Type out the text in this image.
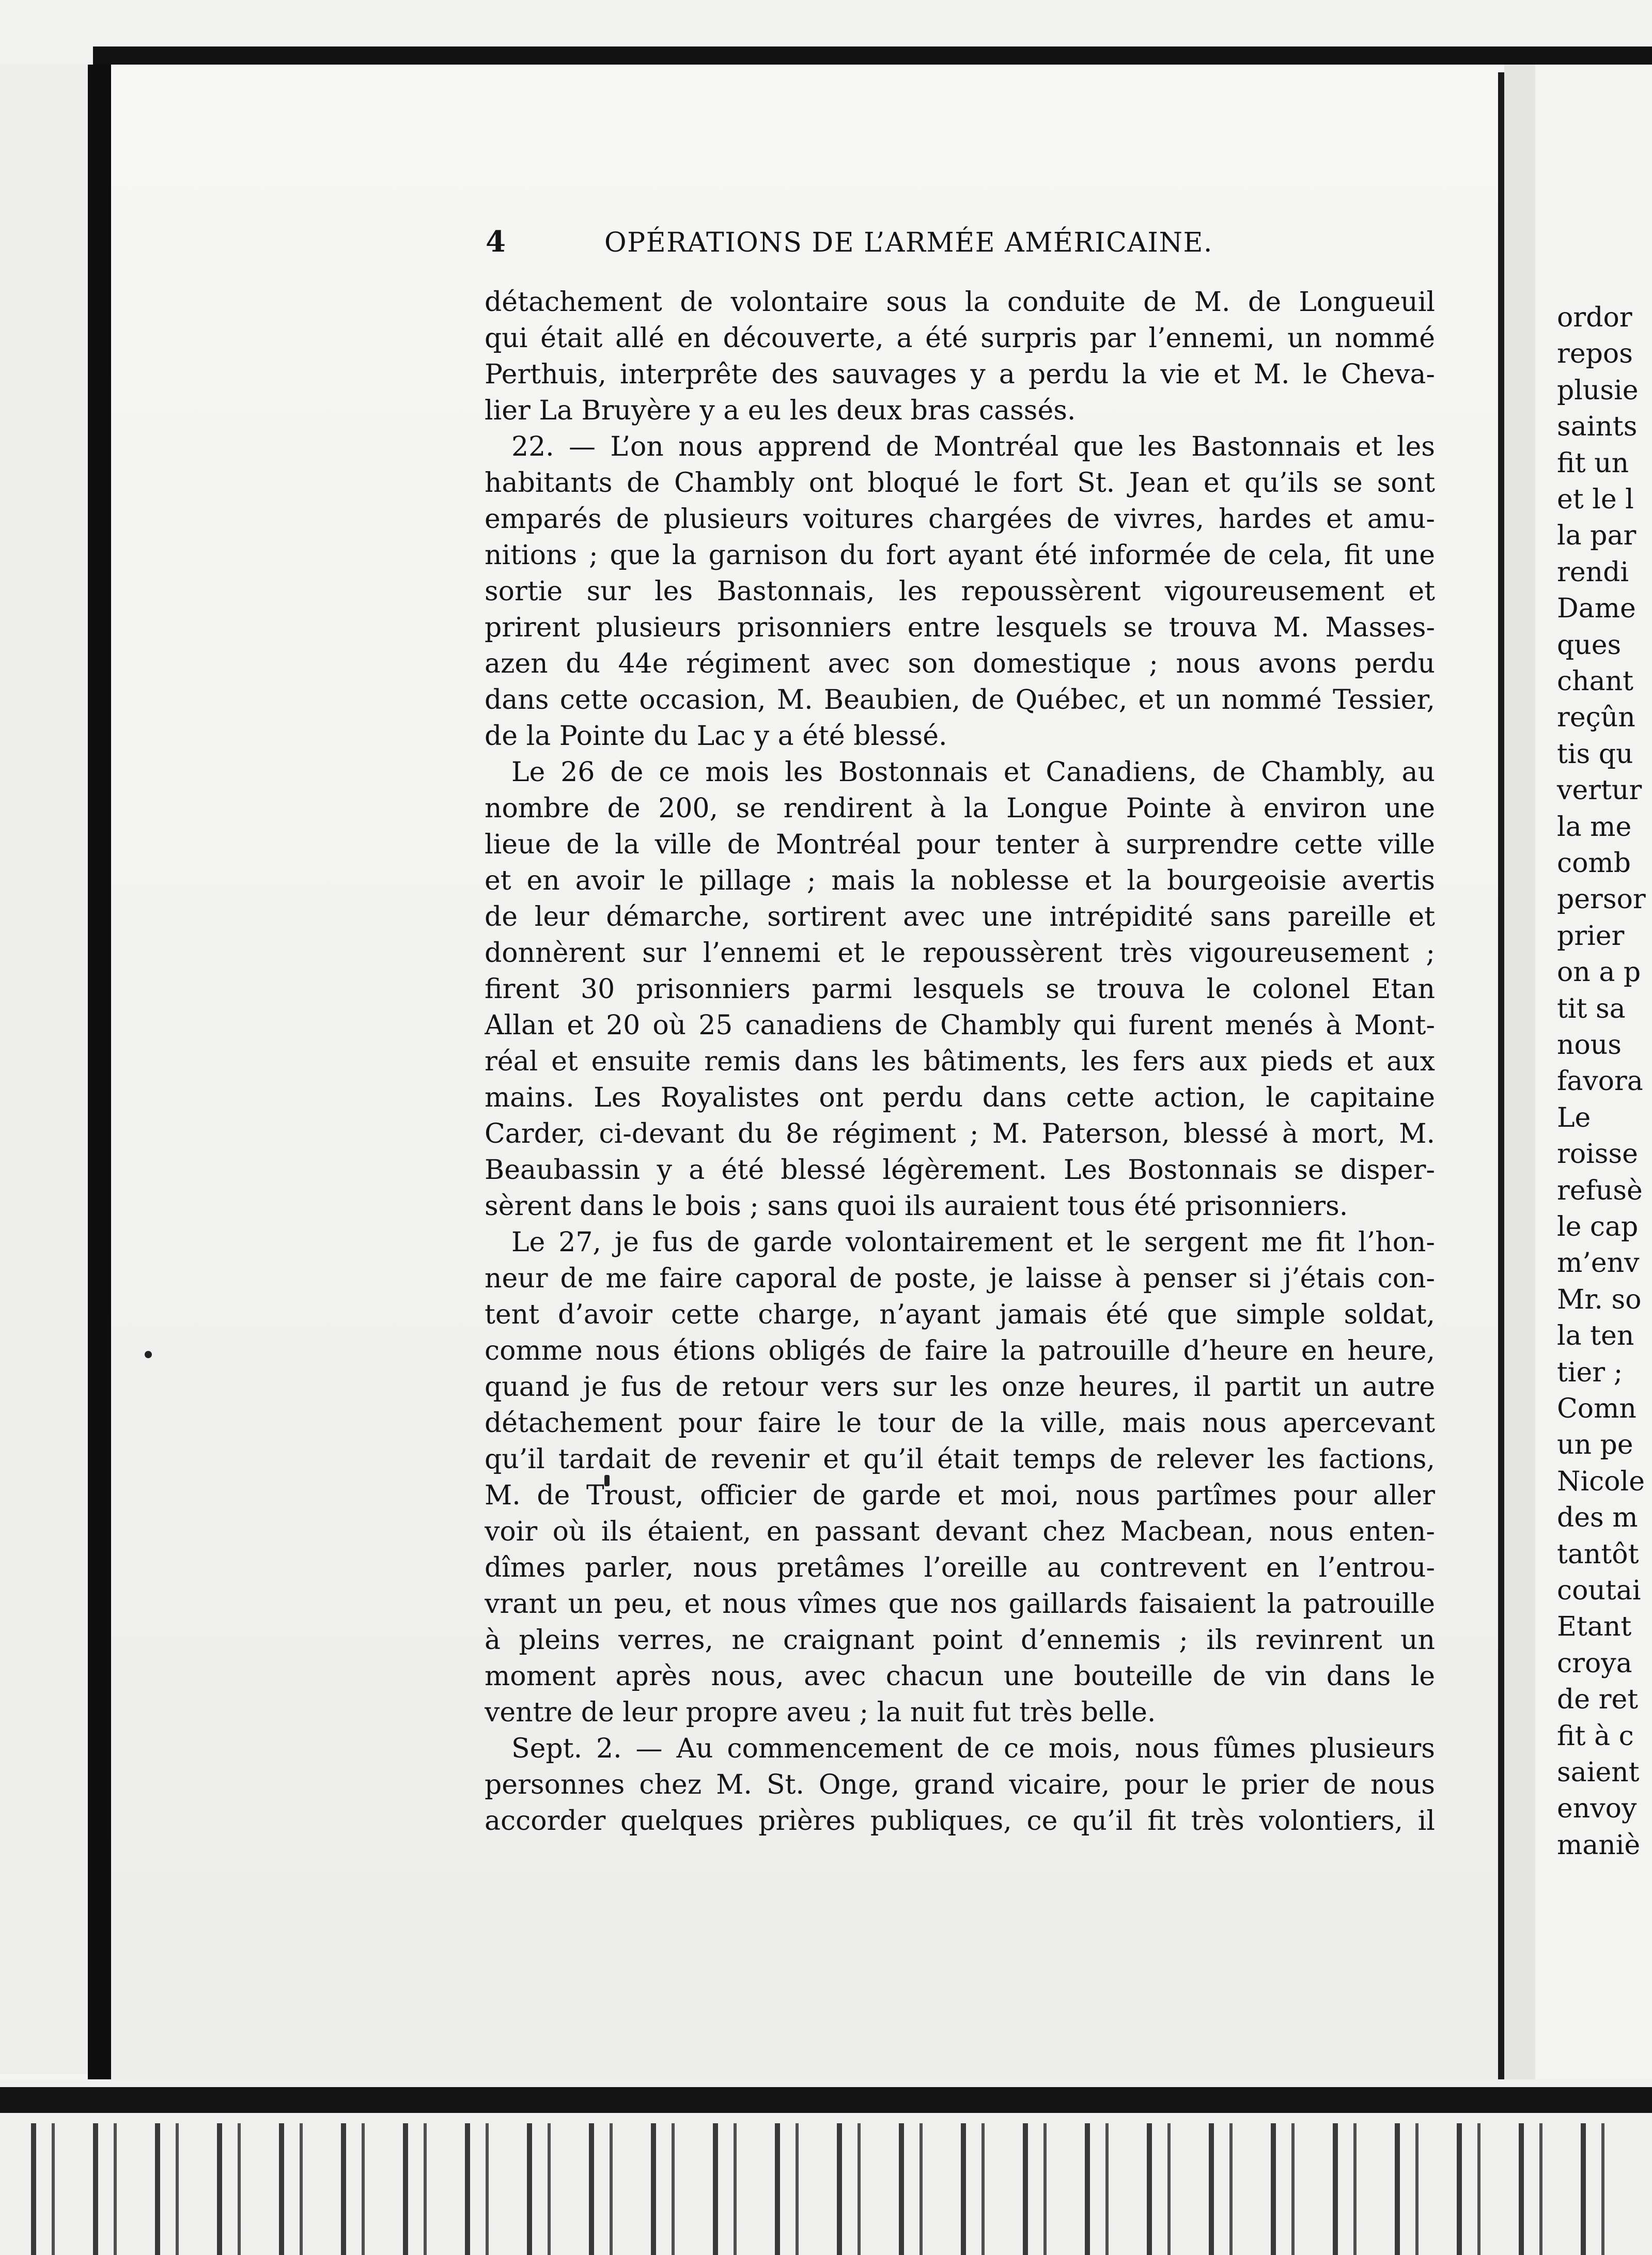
ordor
repos
plusie
saints
fit un
et le l
la par
rendi
Dame
ques
chant
reçûn
tis qu
vertur
la me
comb
persor
prier
on a p
tit sa
nous
favora
Le
roisse
refusè
le cap
m’env
Mr. so
la ten
tier ;
Comn
un pe
Nicole
des m
tantôt
coutai
Etant
croya
de ret
fit à c
saient
envoy
maniè
4	OPÉRATIONS DE L’ARMÉE AMÉRICAINE.
détachement de volontaire sous la conduite de M. de Longueuil
qui était allé en découverte, a été surpris par l’ennemi, un nommé
Perthuis, interprête des sauvages y a perdu la vie et M. le Cheva-
lier La Bruyère y a eu les deux bras cassés.
22. — L’on nous apprend de Montréal que les Bastonnais et les
habitants de Chambly ont bloqué le fort St. Jean et qu’ils se sont
emparés de plusieurs voitures chargées de vivres, hardes et amu-
nitions ; que la garnison du fort ayant été informée de cela, fit une
sortie sur les Bastonnais, les repoussèrent vigoureusement et
prirent plusieurs prisonniers entre lesquels se trouva M. Masses-
azen du 44e régiment avec son domestique ; nous avons perdu
dans cette occasion, M. Beaubien, de Québec, et un nommé Tessier,
de la Pointe du Lac y a été blessé.
Le 26 de ce mois les Bostonnais et Canadiens, de Chambly, au
nombre de 200, se rendirent à la Longue Pointe à environ une
lieue de la ville de Montréal pour tenter à surprendre cette ville
et en avoir le pillage ; mais la noblesse et la bourgeoisie avertis
de leur démarche, sortirent avec une intrépidité sans pareille et
donnèrent sur l’ennemi et le repoussèrent très vigoureusement ;
firent 30 prisonniers parmi lesquels se trouva le colonel Etan
Allan et 20 où 25 canadiens de Chambly qui furent menés à Mont-
réal et ensuite remis dans les bâtiments, les fers aux pieds et aux
mains. Les Royalistes ont perdu dans cette action, le capitaine
Carder, ci-devant du 8e régiment ; M. Paterson, blessé à mort, M.
Beaubassin y a été blessé légèrement. Les Bostonnais se disper-
sèrent dans le bois ; sans quoi ils auraient tous été prisonniers.
Le 27, je fus de garde volontairement et le sergent me fit l’hon-
neur de me faire caporal de poste, je laisse à penser si j’étais con-
tent d’avoir cette charge, n’ayant jamais été que simple soldat,
comme nous étions obligés de faire la patrouille d’heure en heure,
quand je fus de retour vers sur les onze heures, il partit un autre
détachement pour faire le tour de la ville, mais nous apercevant
qu’il tardait de revenir et qu’il était temps de relever les factions,
M. de Troust, officier de garde et moi, nous partîmes pour aller
voir où ils étaient, en passant devant chez Macbean, nous enten-
dîmes parler, nous pretâmes l’oreille au contrevent en l’entrou-
vrant un peu, et nous vîmes que nos gaillards faisaient la patrouille
à pleins verres, ne craignant point d’ennemis ; ils revinrent un
moment après nous, avec chacun une bouteille de vin dans le
ventre de leur propre aveu ; la nuit fut très belle.
Sept. 2. — Au commencement de ce mois, nous fûmes plusieurs
personnes chez M. St. Onge, grand vicaire, pour le prier de nous
accorder quelques prières publiques, ce qu’il fit très volontiers, il
